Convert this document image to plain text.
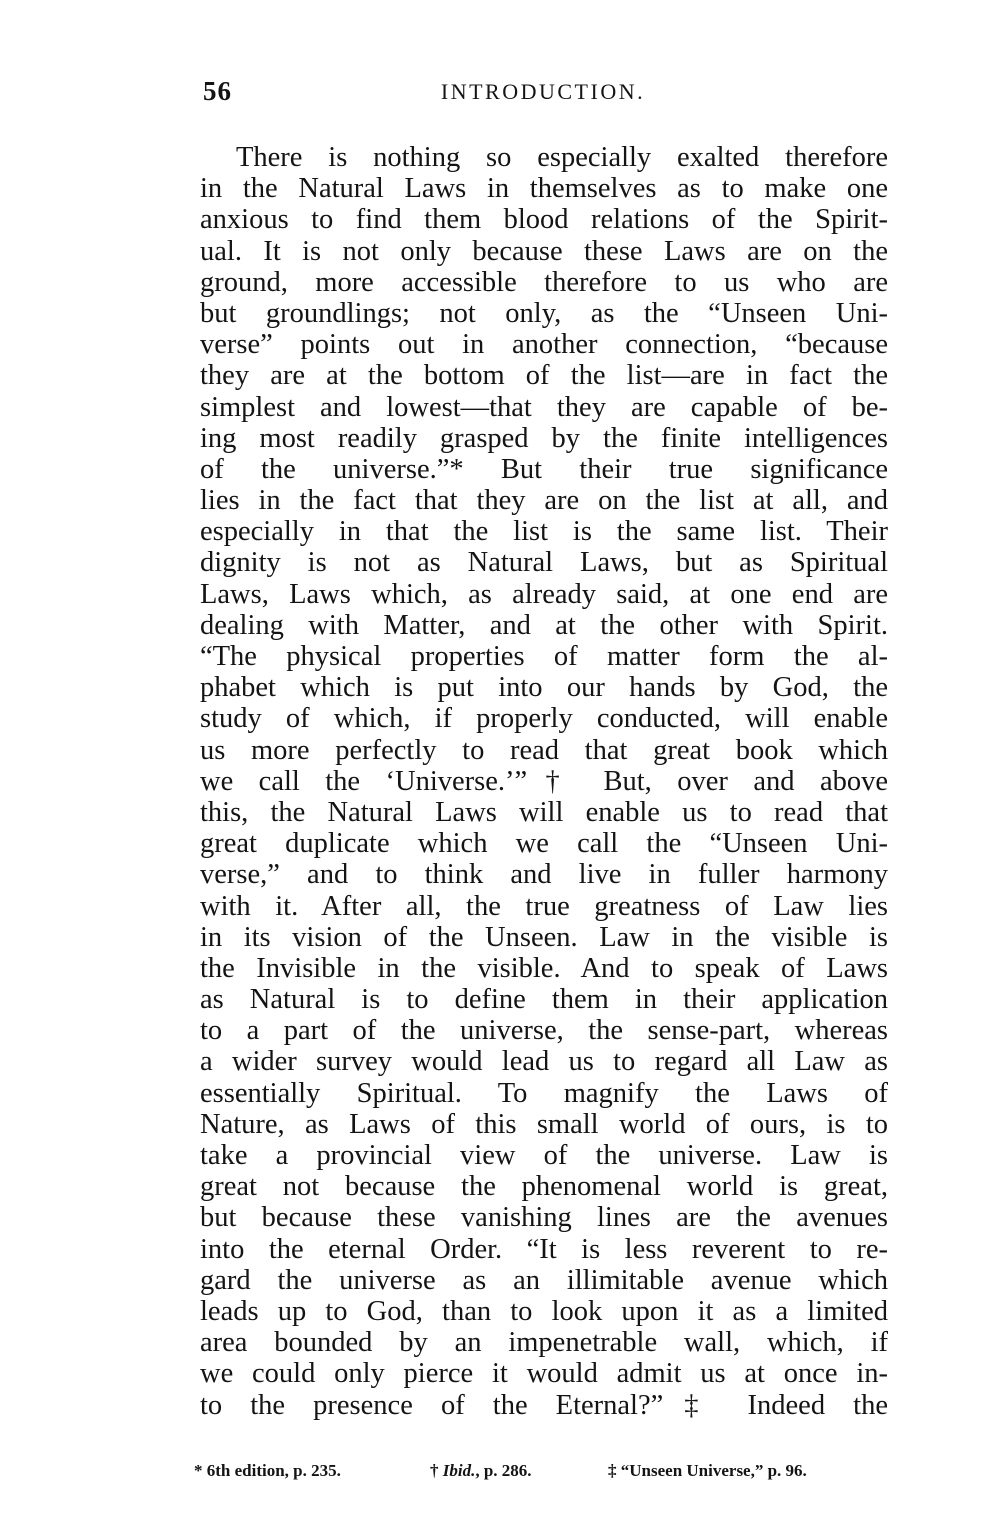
56	INTRODUCTION.
There is nothing so especially exalted therefore
in the Natural Laws in themselves as to make one
anxious to find them blood relations of the Spirit-
ual. It is not only because these Laws are on the
ground, more accessible therefore to us who are
but groundlings; not only, as the “Unseen Uni-
verse” points out in another connection, “because
they are at the bottom of the list—are in fact the
simplest and lowest—that they are capable of be-
ing most readily grasped by the finite intelligences
of the universe.”* But their true significance
lies in the fact that they are on the list at all, and
especially in that the list is the same list. Their
dignity is not as Natural Laws, but as Spiritual
Laws, Laws which, as already said, at one end are
dealing with Matter, and at the other with Spirit.
“The physical properties of matter form the al-
phabet which is put into our hands by God, the
study of which, if properly conducted, will enable
us more perfectly to read that great book which
we call the ‘Universe.’”† But, over and above
this, the Natural Laws will enable us to read that
great duplicate which we call the “Unseen Uni-
verse,” and to think and live in fuller harmony
with it. After all, the true greatness of Law lies
in its vision of the Unseen. Law in the visible is
the Invisible in the visible. And to speak of Laws
as Natural is to define them in their application
to a part of the universe, the sense-part, whereas
a wider survey would lead us to regard all Law as
essentially Spiritual. To magnify the Laws of
Nature, as Laws of this small world of ours, is to
take a provincial view of the universe. Law is
great not because the phenomenal world is great,
but because these vanishing lines are the avenues
into the eternal Order. “It is less reverent to re-
gard the universe as an illimitable avenue which
leads up to God, than to look upon it as a limited
area bounded by an impenetrable wall, which, if
we could only pierce it would admit us at once in-
to the presence of the Eternal?”‡ Indeed the
* 6th edition, p. 235.	† Ibid., p. 286.	‡ “Unseen Universe,” p. 96.
